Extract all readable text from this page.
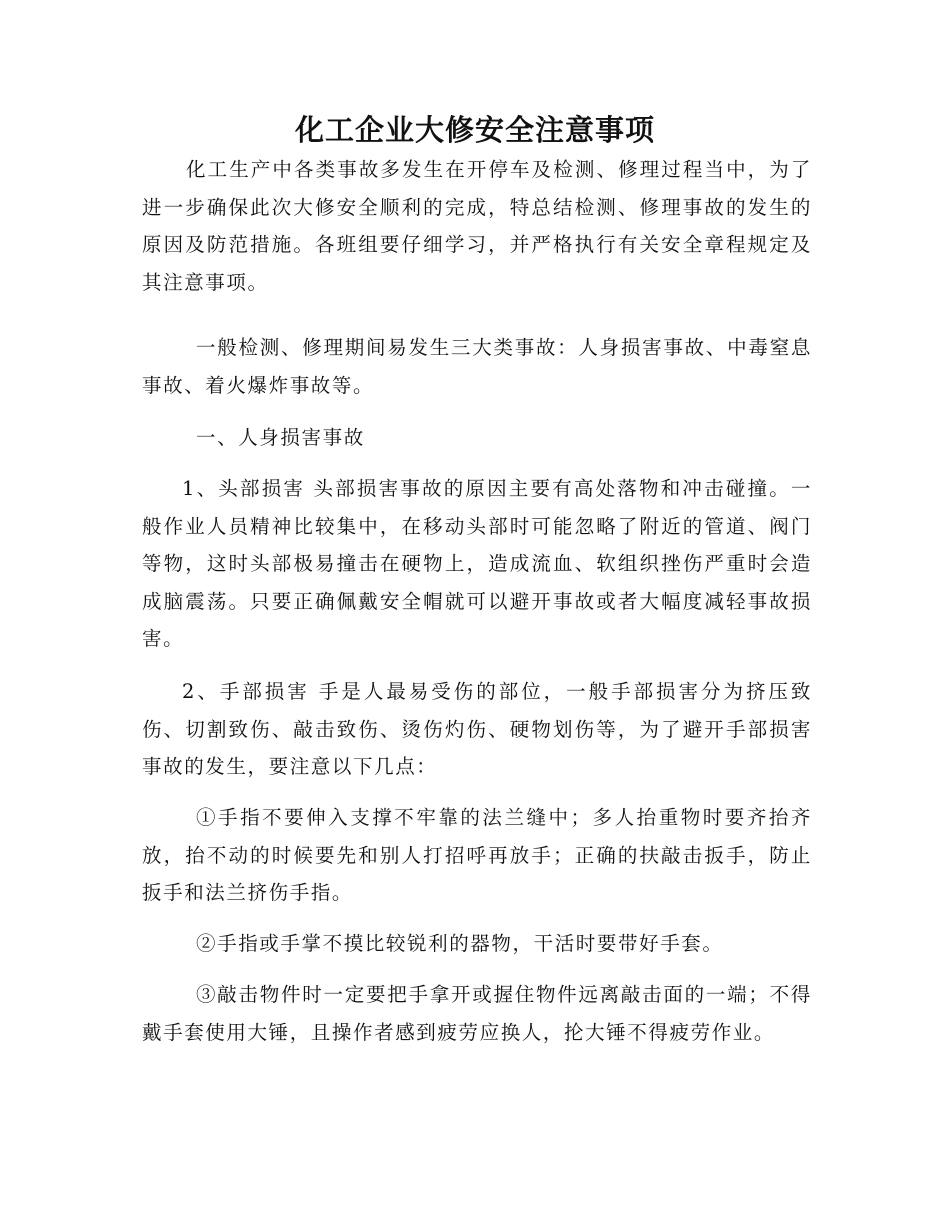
化工企业大修安全注意事项

化工生产中各类事故多发生在开停车及检测、修理过程当中，为了进一步确保此次大修安全顺利的完成，特总结检测、修理事故的发生的原因及防范措施。各班组要仔细学习，并严格执行有关安全章程规定及其注意事项。

一般检测、修理期间易发生三大类事故：人身损害事故、中毒窒息事故、着火爆炸事故等。

一、人身损害事故

1、头部损害 头部损害事故的原因主要有高处落物和冲击碰撞。一般作业人员精神比较集中，在移动头部时可能忽略了附近的管道、阀门等物，这时头部极易撞击在硬物上，造成流血、软组织挫伤严重时会造成脑震荡。只要正确佩戴安全帽就可以避开事故或者大幅度减轻事故损害。

2、手部损害 手是人最易受伤的部位，一般手部损害分为挤压致伤、切割致伤、敲击致伤、烫伤灼伤、硬物划伤等，为了避开手部损害事故的发生，要注意以下几点：

①手指不要伸入支撑不牢靠的法兰缝中；多人抬重物时要齐抬齐放，抬不动的时候要先和别人打招呼再放手；正确的扶敲击扳手，防止扳手和法兰挤伤手指。

②手指或手掌不摸比较锐利的器物，干活时要带好手套。

③敲击物件时一定要把手拿开或握住物件远离敲击面的一端；不得戴手套使用大锤，且操作者感到疲劳应换人，抡大锤不得疲劳作业。
